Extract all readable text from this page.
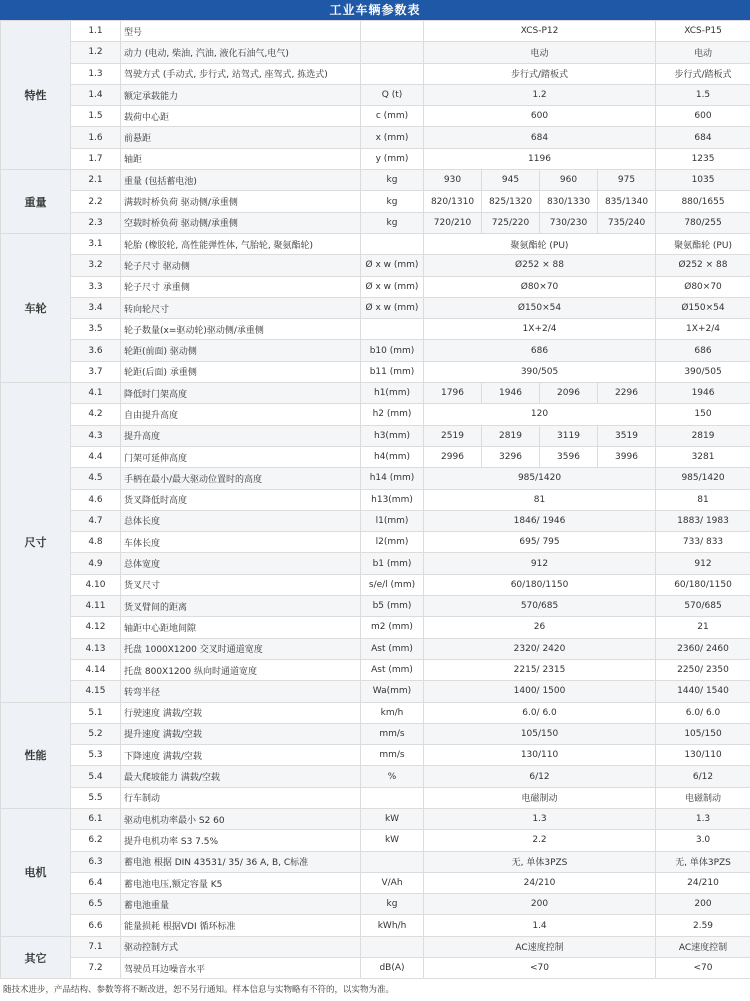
工业车辆参数表
特性	1.1	型号		XCS-P12				XCS-P15
	1.2	动力 (电动, 柴油, 汽油, 液化石油气,电气)		电动				电动
	1.3	驾驶方式 (手动式, 步行式, 站驾式, 座驾式, 拣选式)		步行式/踏板式				步行式/踏板式
	1.4	额定承载能力	Q (t)	1.2				1.5
	1.5	载荷中心距	c (mm)	600				600
	1.6	前悬距	x (mm)	684				684
	1.7	轴距	y (mm)	1196				1235
重量	2.1	重量 (包括蓄电池)	kg	930	945	960	975	1035
	2.2	满载时桥负荷 驱动侧/承重侧	kg	820/1310	825/1320	830/1330	835/1340	880/1655
	2.3	空载时桥负荷 驱动侧/承重侧	kg	720/210	725/220	730/230	735/240	780/255
车轮	3.1	轮胎 (橡胶轮, 高性能弹性体, 气胎轮, 聚氨酯轮)		聚氨酯轮 (PU)				聚氨酯轮 (PU)
	3.2	轮子尺寸 驱动侧	Ø x w (mm)	Ø252 × 88				Ø252 × 88
	3.3	轮子尺寸 承重侧	Ø x w (mm)	Ø80×70				Ø80×70
	3.4	转向轮尺寸	Ø x w (mm)	Ø150×54				Ø150×54
	3.5	轮子数量(x=驱动轮)驱动侧/承重侧		1X+2/4				1X+2/4
	3.6	轮距(前面) 驱动侧	b10 (mm)	686				686
	3.7	轮距(后面) 承重侧	b11 (mm)	390/505				390/505
尺寸	4.1	降低时门架高度	h1(mm)	1796	1946	2096	2296	1946
	4.2	自由提升高度	h2 (mm)	120				150
	4.3	提升高度	h3(mm)	2519	2819	3119	3519	2819
	4.4	门架可延伸高度	h4(mm)	2996	3296	3596	3996	3281
	4.5	手柄在最小/最大驱动位置时的高度	h14 (mm)	985/1420				985/1420
	4.6	货叉降低时高度	h13(mm)	81				81
	4.7	总体长度	l1(mm)	1846/ 1946				1883/ 1983
	4.8	车体长度	l2(mm)	695/ 795				733/ 833
	4.9	总体宽度	b1 (mm)	912				912
	4.10	货叉尺寸	s/e/l (mm)	60/180/1150				60/180/1150
	4.11	货叉臂间的距离	b5 (mm)	570/685				570/685
	4.12	轴距中心距地间隙	m2 (mm)	26				21
	4.13	托盘 1000X1200 交叉时通道宽度	Ast (mm)	2320/ 2420				2360/ 2460
	4.14	托盘 800X1200 纵向时通道宽度	Ast (mm)	2215/ 2315				2250/ 2350
	4.15	转弯半径	Wa(mm)	1400/ 1500				1440/ 1540
性能	5.1	行驶速度 满载/空载	km/h	6.0/ 6.0				6.0/ 6.0
	5.2	提升速度 满载/空载	mm/s	105/150				105/150
	5.3	下降速度 满载/空载	mm/s	130/110				130/110
	5.4	最大爬坡能力 满载/空载	%	6/12				6/12
	5.5	行车制动		电磁制动				电磁制动
电机	6.1	驱动电机功率最小 S2 60	kW	1.3				1.3
	6.2	提升电机功率 S3 7.5%	kW	2.2				3.0
	6.3	蓄电池 根据 DIN 43531/ 35/ 36 A, B, C标准		无, 单体3PZS				无, 单体3PZS
	6.4	蓄电池电压,额定容量 K5	V/Ah	24/210				24/210
	6.5	蓄电池重量	kg	200				200
	6.6	能量损耗 根据VDI 循环标准	kWh/h	1.4				2.59
其它	7.1	驱动控制方式		AC速度控制				AC速度控制
	7.2	驾驶员耳边噪音水平	dB(A)	<70				<70
随技术进步，产品结构、参数等将不断改进，恕不另行通知。样本信息与实物略有不符的，以实物为准。
